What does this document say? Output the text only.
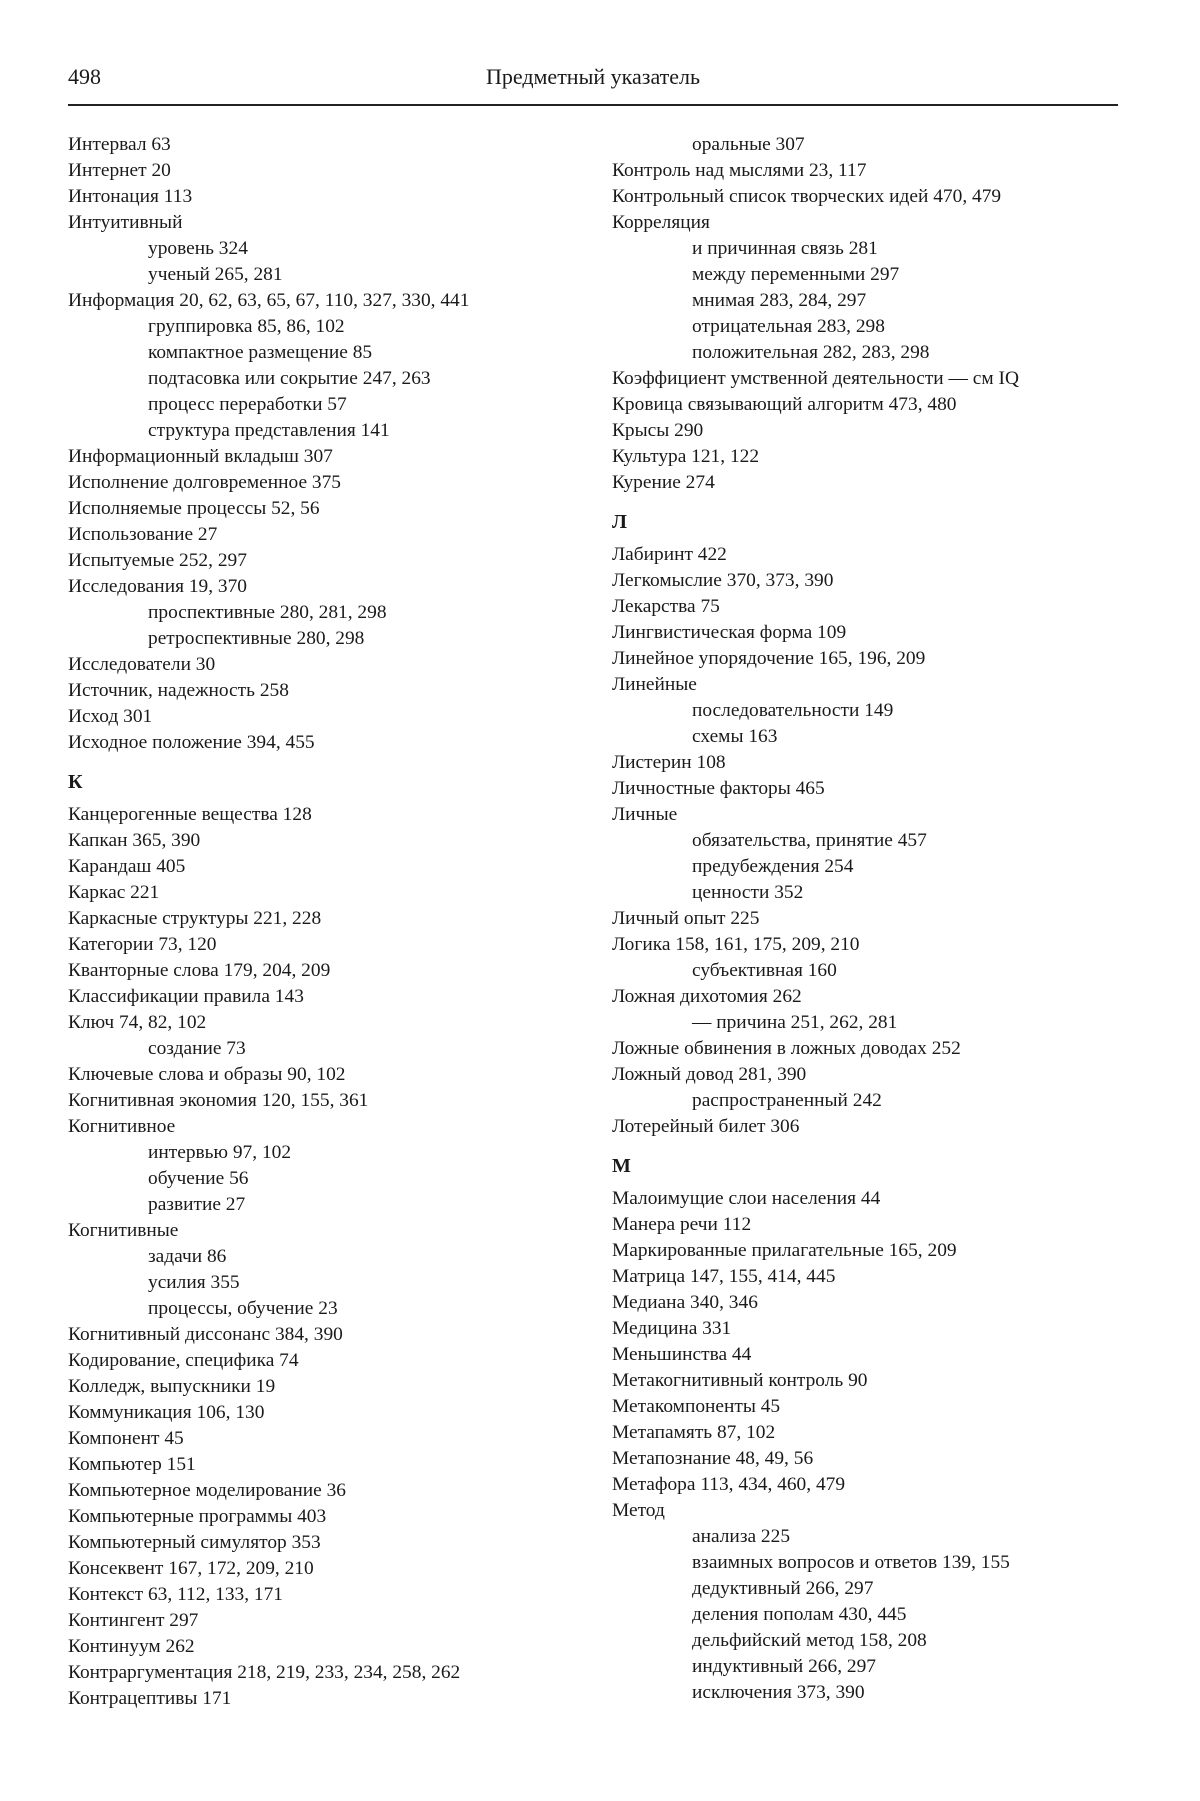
498	Предметный указатель
Интервал 63
Интернет 20
Интонация 113
Интуитивный
уровень 324
ученый 265, 281
Информация 20, 62, 63, 65, 67, 110, 327, 330, 441
группировка 85, 86, 102
компактное размещение 85
подтасовка или сокрытие 247, 263
процесс переработки 57
структура представления 141
Информационный вкладыш 307
Исполнение долговременное 375
Исполняемые процессы 52, 56
Использование 27
Испытуемые 252, 297
Исследования 19, 370
проспективные 280, 281, 298
ретроспективные 280, 298
Исследователи 30
Источник, надежность 258
Исход 301
Исходное положение 394, 455
К
Канцерогенные вещества 128
Капкан 365, 390
Карандаш 405
Каркас 221
Каркасные структуры 221, 228
Категории 73, 120
Кванторные слова 179, 204, 209
Классификации правила 143
Ключ 74, 82, 102
создание 73
Ключевые слова и образы 90, 102
Когнитивная экономия 120, 155, 361
Когнитивное
интервью 97, 102
обучение 56
развитие 27
Когнитивные
задачи 86
усилия 355
процессы, обучение 23
Когнитивный диссонанс 384, 390
Кодирование, специфика 74
Колледж, выпускники 19
Коммуникация 106, 130
Компонент 45
Компьютер 151
Компьютерное моделирование 36
Компьютерные программы 403
Компьютерный симулятор 353
Консеквент 167, 172, 209, 210
Контекст 63, 112, 133, 171
Контингент 297
Континуум 262
Контраргументация 218, 219, 233, 234, 258, 262
Контрацептивы 171
оральные 307
Контроль над мыслями 23, 117
Контрольный список творческих идей 470, 479
Корреляция
и причинная связь 281
между переменными 297
мнимая 283, 284, 297
отрицательная 283, 298
положительная 282, 283, 298
Коэффициент умственной деятельности — см IQ
Кровица связывающий алгоритм 473, 480
Крысы 290
Культура 121, 122
Курение 274
Л
Лабиринт 422
Легкомыслие 370, 373, 390
Лекарства 75
Лингвистическая форма 109
Линейное упорядочение 165, 196, 209
Линейные
последовательности 149
схемы 163
Листерин 108
Личностные факторы 465
Личные
обязательства, принятие 457
предубеждения 254
ценности 352
Личный опыт 225
Логика 158, 161, 175, 209, 210
субъективная 160
Ложная дихотомия 262
— причина 251, 262, 281
Ложные обвинения в ложных доводах 252
Ложный довод 281, 390
распространенный 242
Лотерейный билет 306
М
Малоимущие слои населения 44
Манера речи 112
Маркированные прилагательные 165, 209
Матрица 147, 155, 414, 445
Медиана 340, 346
Медицина 331
Меньшинства 44
Метакогнитивный контроль 90
Метакомпоненты 45
Метапамять 87, 102
Метапознание 48, 49, 56
Метафора 113, 434, 460, 479
Метод
анализа 225
взаимных вопросов и ответов 139, 155
дедуктивный 266, 297
деления пополам 430, 445
дельфийский метод 158, 208
индуктивный 266, 297
исключения 373, 390
